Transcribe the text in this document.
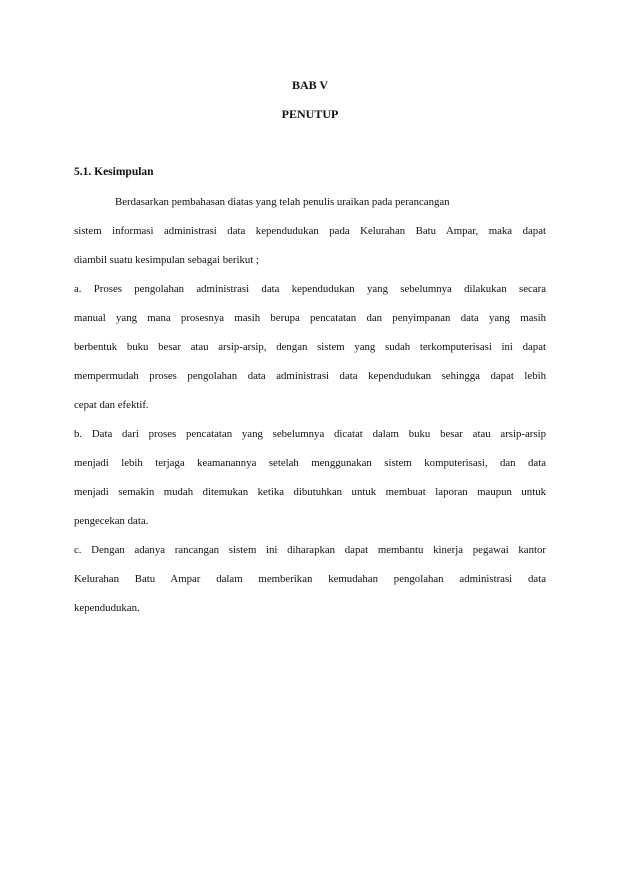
BAB V
PENUTUP
5.1. Kesimpulan
Berdasarkan pembahasan diatas yang telah penulis uraikan pada perancangan
sistem informasi administrasi data kependudukan pada Kelurahan Batu Ampar, maka dapat
diambil suatu kesimpulan sebagai berikut ;
a. Proses pengolahan administrasi data kependudukan yang sebelumnya dilakukan secara
manual yang mana prosesnya masih berupa pencatatan dan penyimpanan data yang masih
berbentuk buku besar atau arsip-arsip, dengan sistem yang sudah terkomputerisasi ini dapat
mempermudah proses pengolahan data administrasi data kependudukan sehingga dapat lebih
cepat dan efektif.
b. Data dari proses pencatatan yang sebelumnya dicatat dalam buku besar atau arsip-arsip
menjadi lebih terjaga keamanannya setelah menggunakan sistem komputerisasi, dan data
menjadi semakin mudah ditemukan ketika dibutuhkan untuk membuat laporan maupun untuk
pengecekan data.
c. Dengan adanya rancangan sistem ini diharapkan dapat membantu kinerja pegawai kantor
Kelurahan Batu Ampar dalam memberikan kemudahan pengolahan administrasi data
kependudukan.
